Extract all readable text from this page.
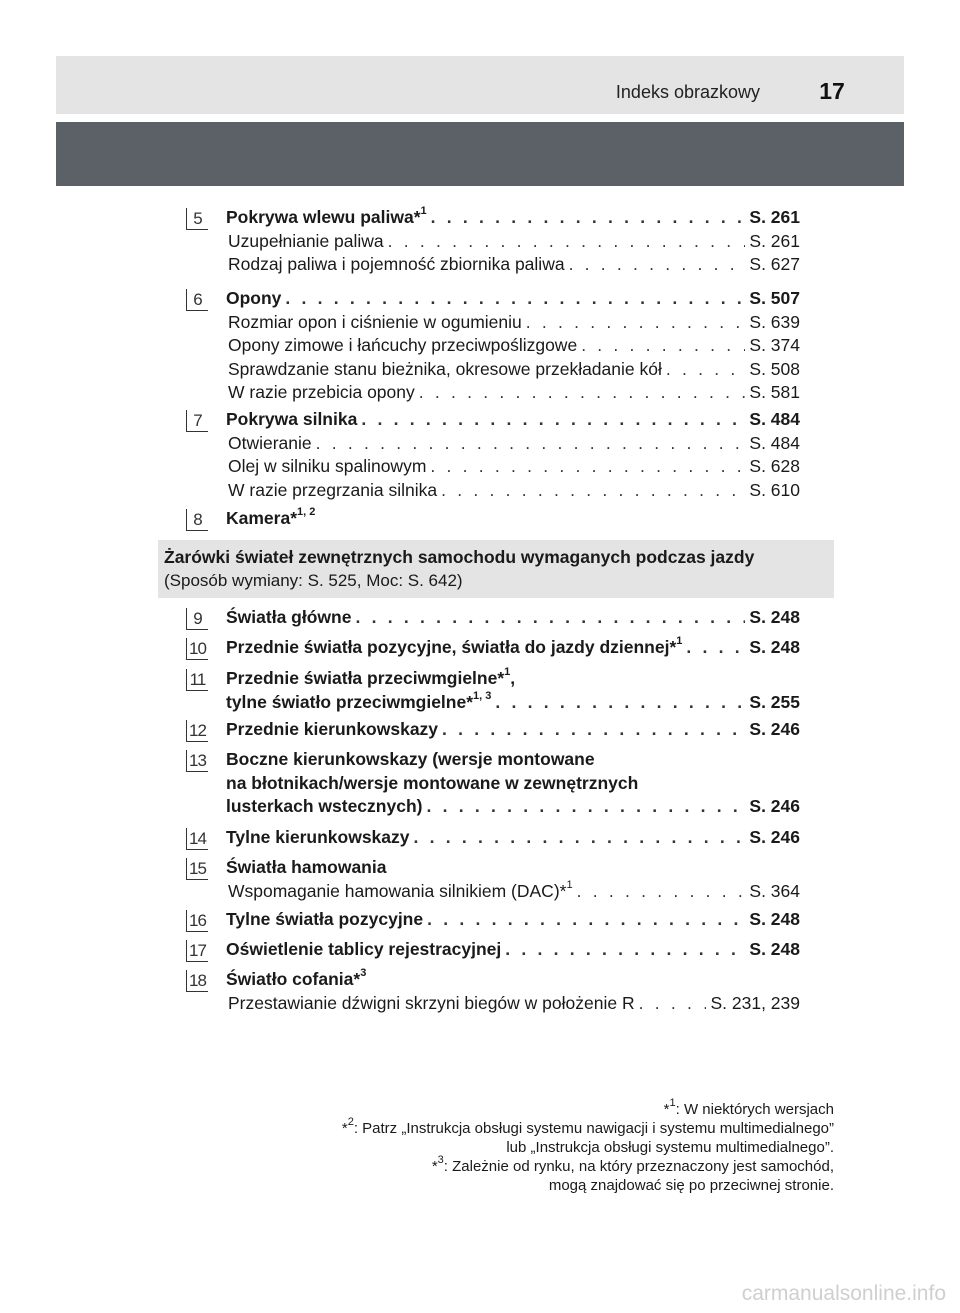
Indeks obrazkowy	17
5	Pokrywa wlewu paliwa*$^1$ . . .	S. 261
Uzupełnianie paliwa . . .	S. 261
Rodzaj paliwa i pojemność zbiornika paliwa . . .	S. 627
6	Opony . . .	S. 507
Rozmiar opon i ciśnienie w ogumieniu . . .	S. 639
Opony zimowe i łańcuchy przeciwpoślizgowe . . .	S. 374
Sprawdzanie stanu bieżnika, okresowe przekładanie kół . . .	S. 508
W razie przebicia opony . . .	S. 581
7	Pokrywa silnika . . .	S. 484
Otwieranie . . .	S. 484
Olej w silniku spalinowym . . .	S. 628
W razie przegrzania silnika . . .	S. 610
8	Kamera*$^{1, 2}$
Żarówki świateł zewnętrznych samochodu wymaganych podczas jazdy
(Sposób wymiany: S. 525, Moc: S. 642)
9	Światła główne . . .	S. 248
10 Przednie światła pozycyjne, światła do jazdy dziennej*$^1$ . . .	S. 248
11 Przednie światła przeciwmgielne*$^1$,
tylne światło przeciwmgielne*$^{1, 3}$ . . .	S. 255
12 Przednie kierunkowskazy . . .	S. 246
13 Boczne kierunkowskazy (wersje montowane
na błotnikach/wersje montowane w zewnętrznych
lusterkach wstecznych) . . .	S. 246
14 Tylne kierunkowskazy . . .	S. 246
15 Światła hamowania
Wspomaganie hamowania silnikiem (DAC)*$^1$ . . .	S. 364
16 Tylne światła pozycyjne . . .	S. 248
17 Oświetlenie tablicy rejestracyjnej . . .	S. 248
18 Światło cofania*$^3$
Przestawianie dźwigni skrzyni biegów w położenie R . . .	S. 231, 239
*$^1$: W niektórych wersjach
*$^2$: Patrz „Instrukcja obsługi systemu nawigacji i systemu multimedialnego”
lub „Instrukcja obsługi systemu multimedialnego”.
*$^3$: Zależnie od rynku, na który przeznaczony jest samochód,
mogą znajdować się po przeciwnej stronie.
carmanualsonline.info
